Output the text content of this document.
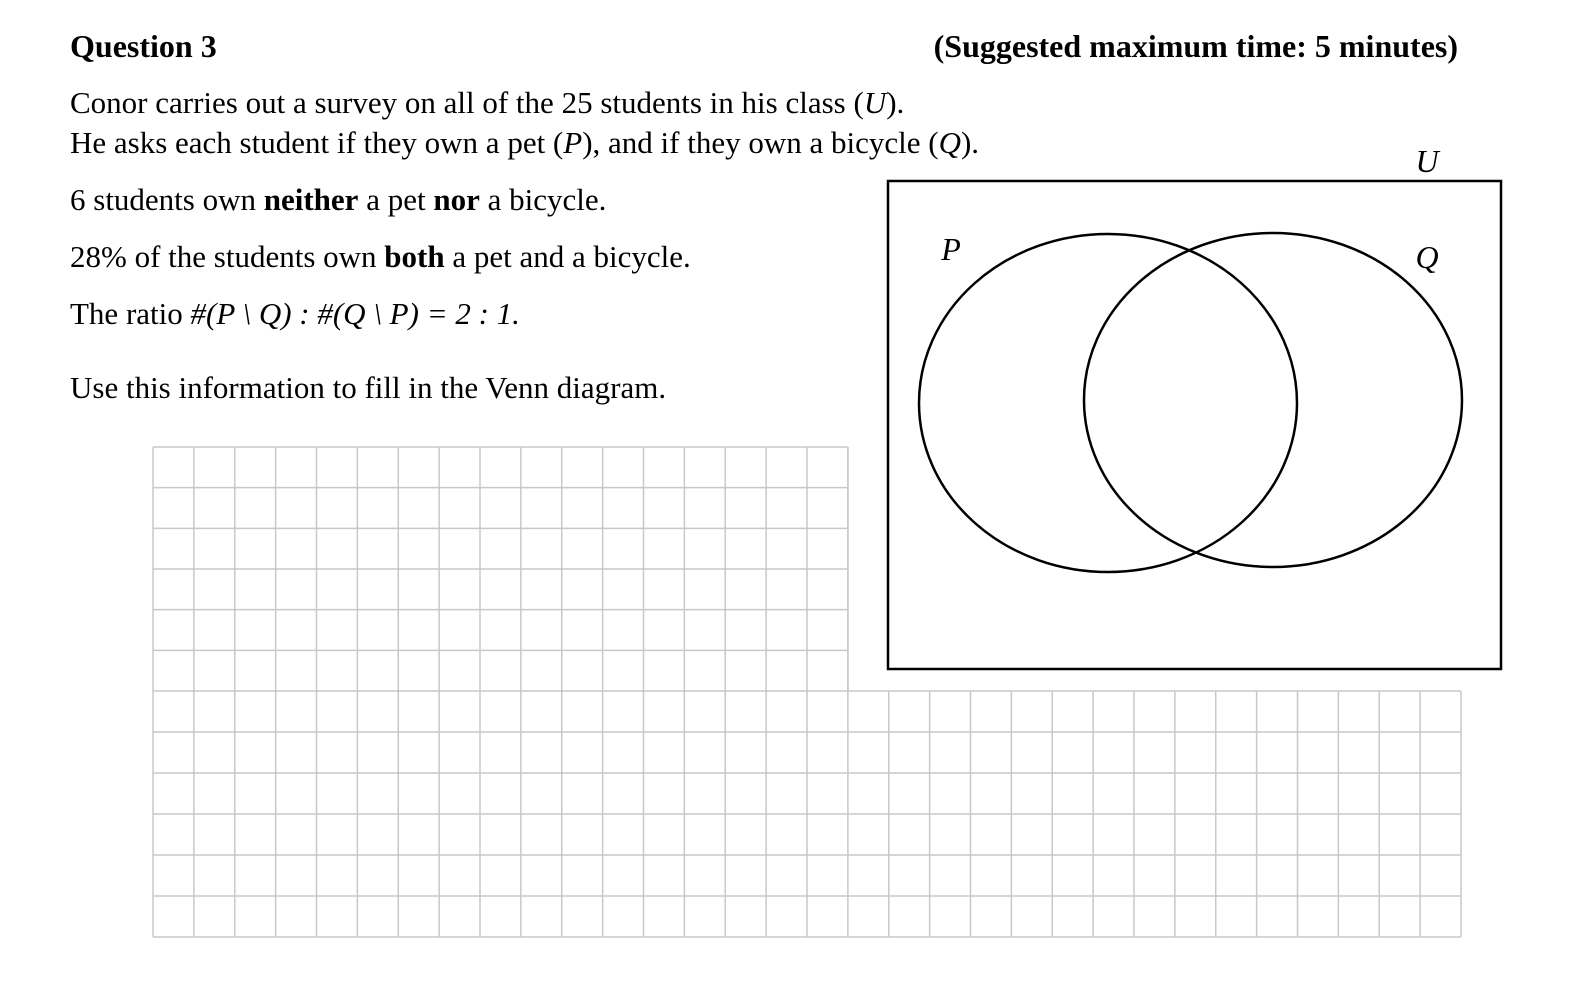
Question 3	(Suggested maximum time: 5 minutes)
Conor carries out a survey on all of the 25 students in his class (U).
He asks each student if they own a pet (P), and if they own a bicycle (Q).
6 students own neither a pet nor a bicycle.
28% of the students own both a pet and a bicycle.
The ratio #(P \ Q) : #(Q \ P) = 2 : 1.
Use this information to fill in the Venn diagram.
U
P	Q
